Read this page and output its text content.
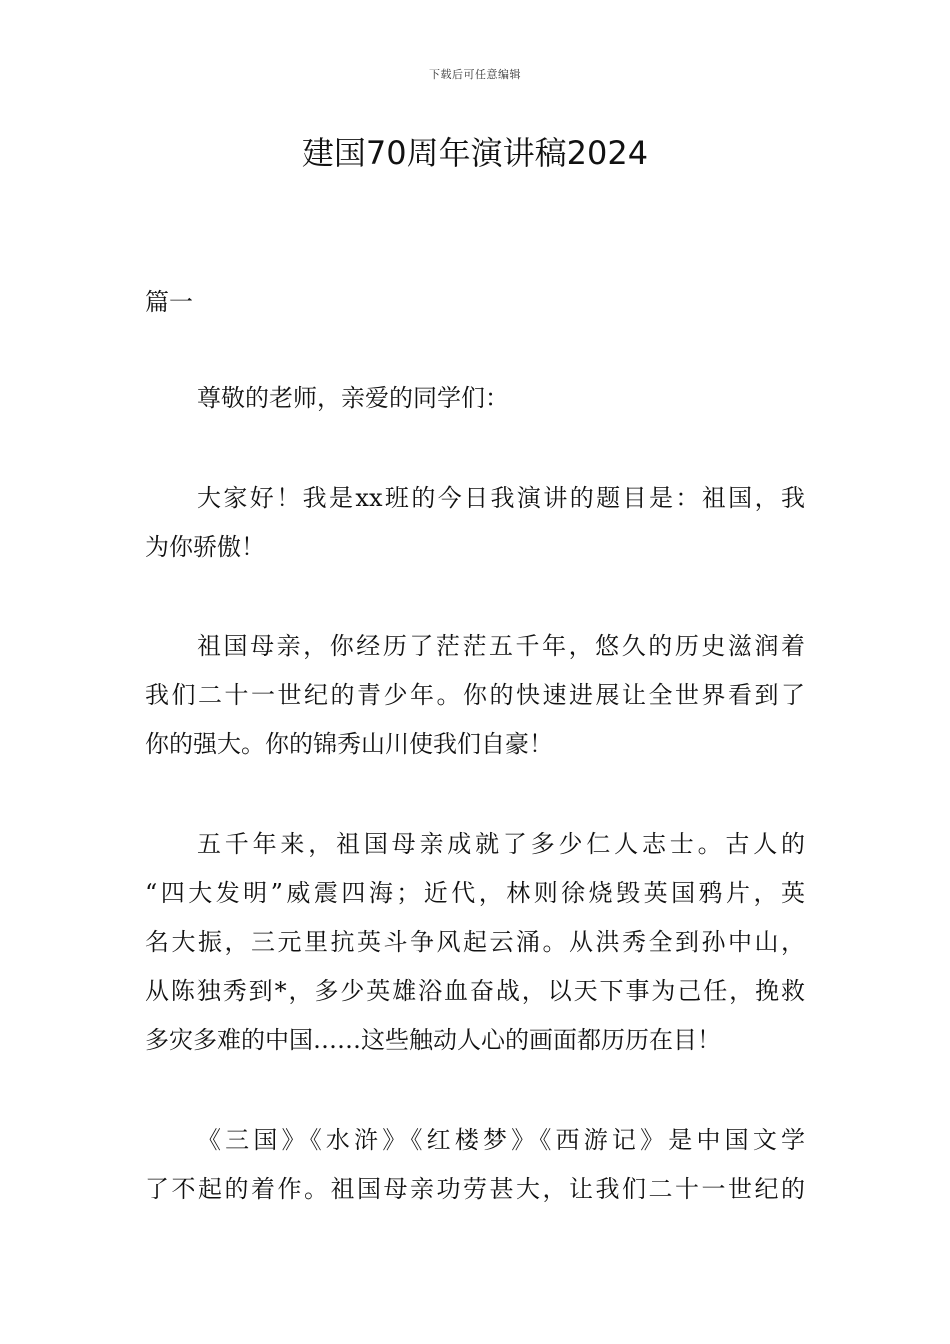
下载后可任意编辑
建国70周年演讲稿2024

篇一

尊敬的老师，亲爱的同学们：

大家好！我是xx班的今日我演讲的题目是：祖国，我
为你骄傲！

祖国母亲，你经历了茫茫五千年，悠久的历史滋润着
我们二十一世纪的青少年。你的快速进展让全世界看到了
你的强大。你的锦秀山川使我们自豪！

五千年来，祖国母亲成就了多少仁人志士。古人的
“四大发明”威震四海；近代，林则徐烧毁英国鸦片，英
名大振，三元里抗英斗争风起云涌。从洪秀全到孙中山，
从陈独秀到*，多少英雄浴血奋战，以天下事为己任，挽救
多灾多难的中国……这些触动人心的画面都历历在目！

《三国》《水浒》《红楼梦》《西游记》是中国文学
了不起的着作。祖国母亲功劳甚大，让我们二十一世纪的
